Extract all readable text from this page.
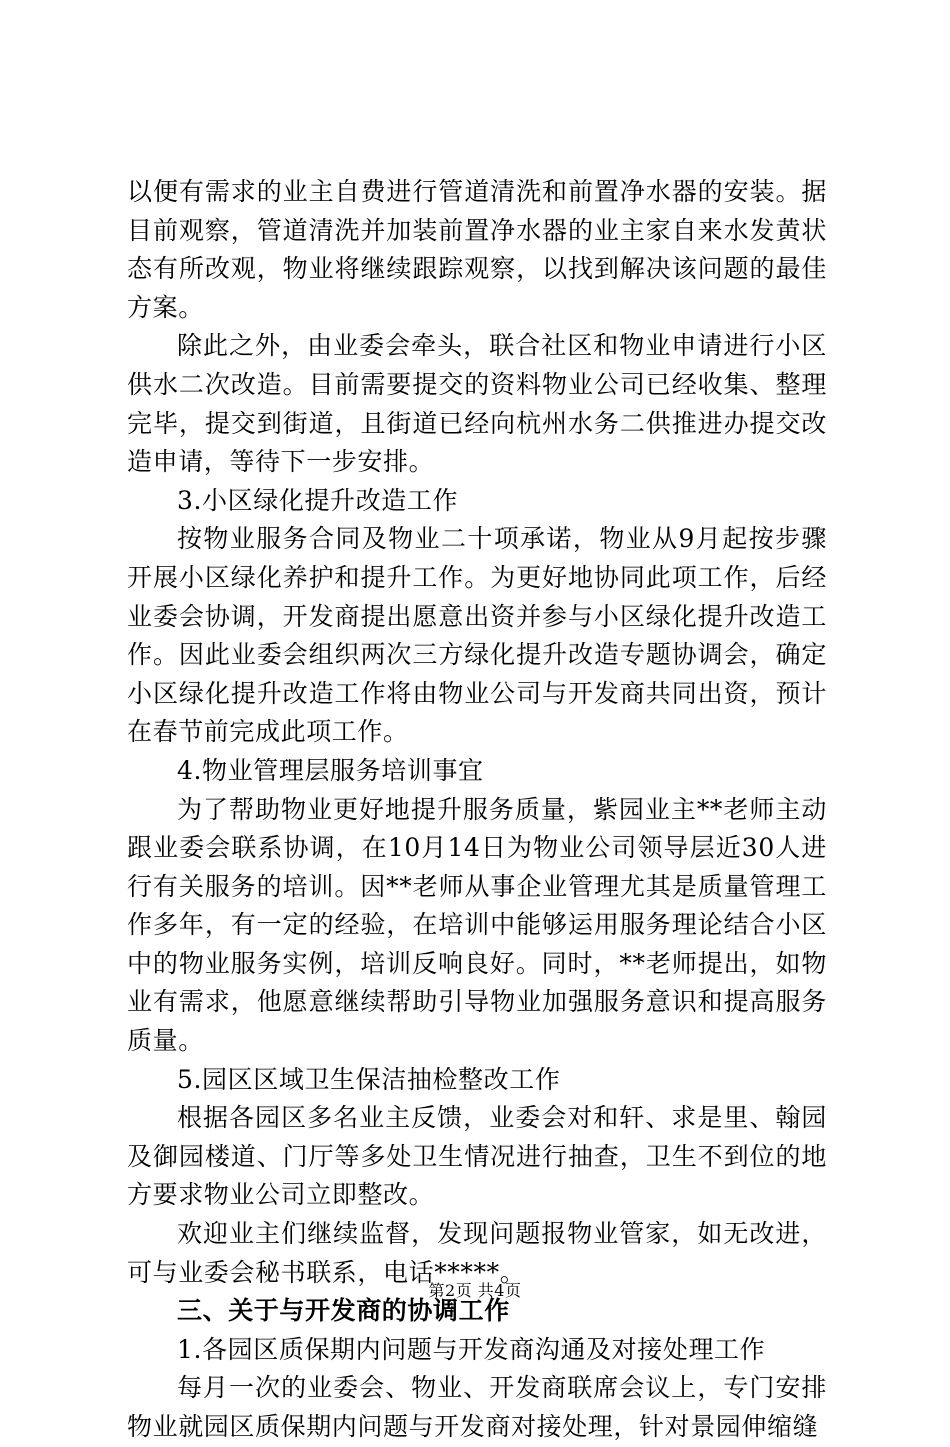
以便有需求的业主自费进行管道清洗和前置净水器的安装。据目前观察，管道清洗并加装前置净水器的业主家自来水发黄状态有所改观，物业将继续跟踪观察，以找到解决该问题的最佳方案。

除此之外，由业委会牵头，联合社区和物业申请进行小区供水二次改造。目前需要提交的资料物业公司已经收集、整理完毕，提交到街道，且街道已经向杭州水务二供推进办提交改造申请，等待下一步安排。

3.小区绿化提升改造工作

按物业服务合同及物业二十项承诺，物业从9月起按步骤开展小区绿化养护和提升工作。为更好地协同此项工作，后经业委会协调，开发商提出愿意出资并参与小区绿化提升改造工作。因此业委会组织两次三方绿化提升改造专题协调会，确定小区绿化提升改造工作将由物业公司与开发商共同出资，预计在春节前完成此项工作。

4.物业管理层服务培训事宜

为了帮助物业更好地提升服务质量，紫园业主**老师主动跟业委会联系协调，在10月14日为物业公司领导层近30人进行有关服务的培训。因**老师从事企业管理尤其是质量管理工作多年，有一定的经验，在培训中能够运用服务理论结合小区中的物业服务实例，培训反响良好。同时，**老师提出，如物业有需求，他愿意继续帮助引导物业加强服务意识和提高服务质量。

5.园区区域卫生保洁抽检整改工作

根据各园区多名业主反馈，业委会对和轩、求是里、翰园及御园楼道、门厅等多处卫生情况进行抽查，卫生不到位的地方要求物业公司立即整改。

欢迎业主们继续监督，发现问题报物业管家，如无改进，可与业委会秘书联系，电话*****。

三、关于与开发商的协调工作

1.各园区质保期内问题与开发商沟通及对接处理工作

每月一次的业委会、物业、开发商联席会议上，专门安排物业就园区质保期内问题与开发商对接处理，针对景园伸缩缝

第2页 共4页
